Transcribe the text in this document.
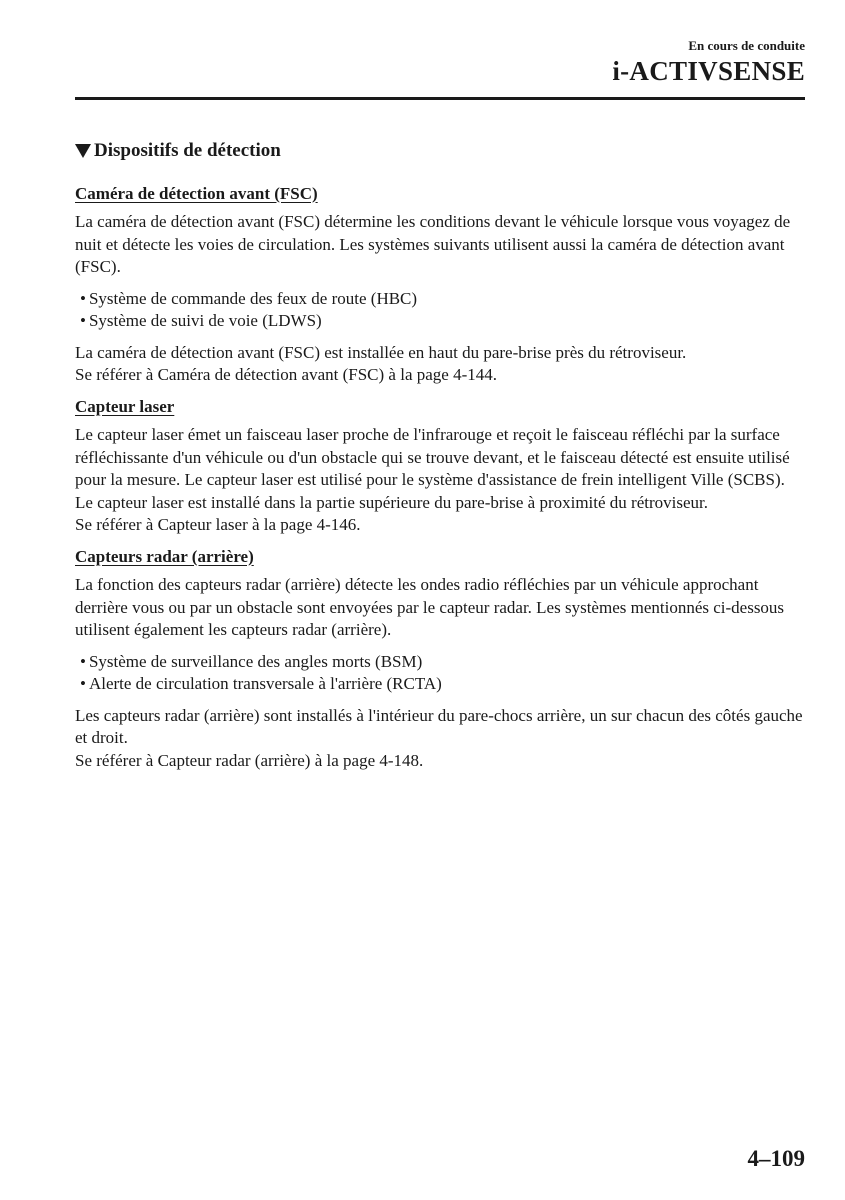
En cours de conduite
i-ACTIVSENSE
Dispositifs de détection
Caméra de détection avant (FSC)

La caméra de détection avant (FSC) détermine les conditions devant le véhicule lorsque vous voyagez de nuit et détecte les voies de circulation. Les systèmes suivants utilisent aussi la caméra de détection avant (FSC).

• Système de commande des feux de route (HBC)
• Système de suivi de voie (LDWS)

La caméra de détection avant (FSC) est installée en haut du pare-brise près du rétroviseur.
Se référer à Caméra de détection avant (FSC) à la page 4-144.

Capteur laser

Le capteur laser émet un faisceau laser proche de l'infrarouge et reçoit le faisceau réfléchi par la surface réfléchissante d'un véhicule ou d'un obstacle qui se trouve devant, et le faisceau détecté est ensuite utilisé pour la mesure. Le capteur laser est utilisé pour le système d'assistance de frein intelligent Ville (SCBS).
Le capteur laser est installé dans la partie supérieure du pare-brise à proximité du rétroviseur.
Se référer à Capteur laser à la page 4-146.

Capteurs radar (arrière)

La fonction des capteurs radar (arrière) détecte les ondes radio réfléchies par un véhicule approchant derrière vous ou par un obstacle sont envoyées par le capteur radar. Les systèmes mentionnés ci-dessous utilisent également les capteurs radar (arrière).

• Système de surveillance des angles morts (BSM)
• Alerte de circulation transversale à l'arrière (RCTA)

Les capteurs radar (arrière) sont installés à l'intérieur du pare-chocs arrière, un sur chacun des côtés gauche et droit.
Se référer à Capteur radar (arrière) à la page 4-148.

4–109
